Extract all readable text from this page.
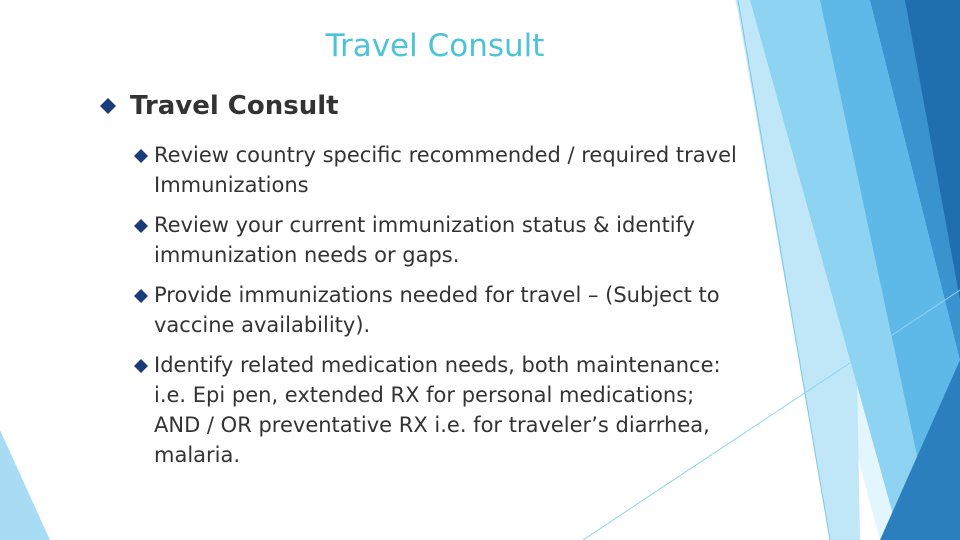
Travel Consult
Travel Consult
Review country specific recommended / required travel Immunizations
Review your current immunization status & identify immunization needs or gaps.
Provide immunizations needed for travel – (Subject to vaccine availability).
Identify related medication needs, both maintenance: i.e. Epi pen, extended RX for personal medications; AND / OR preventative RX i.e. for traveler’s diarrhea, malaria.
